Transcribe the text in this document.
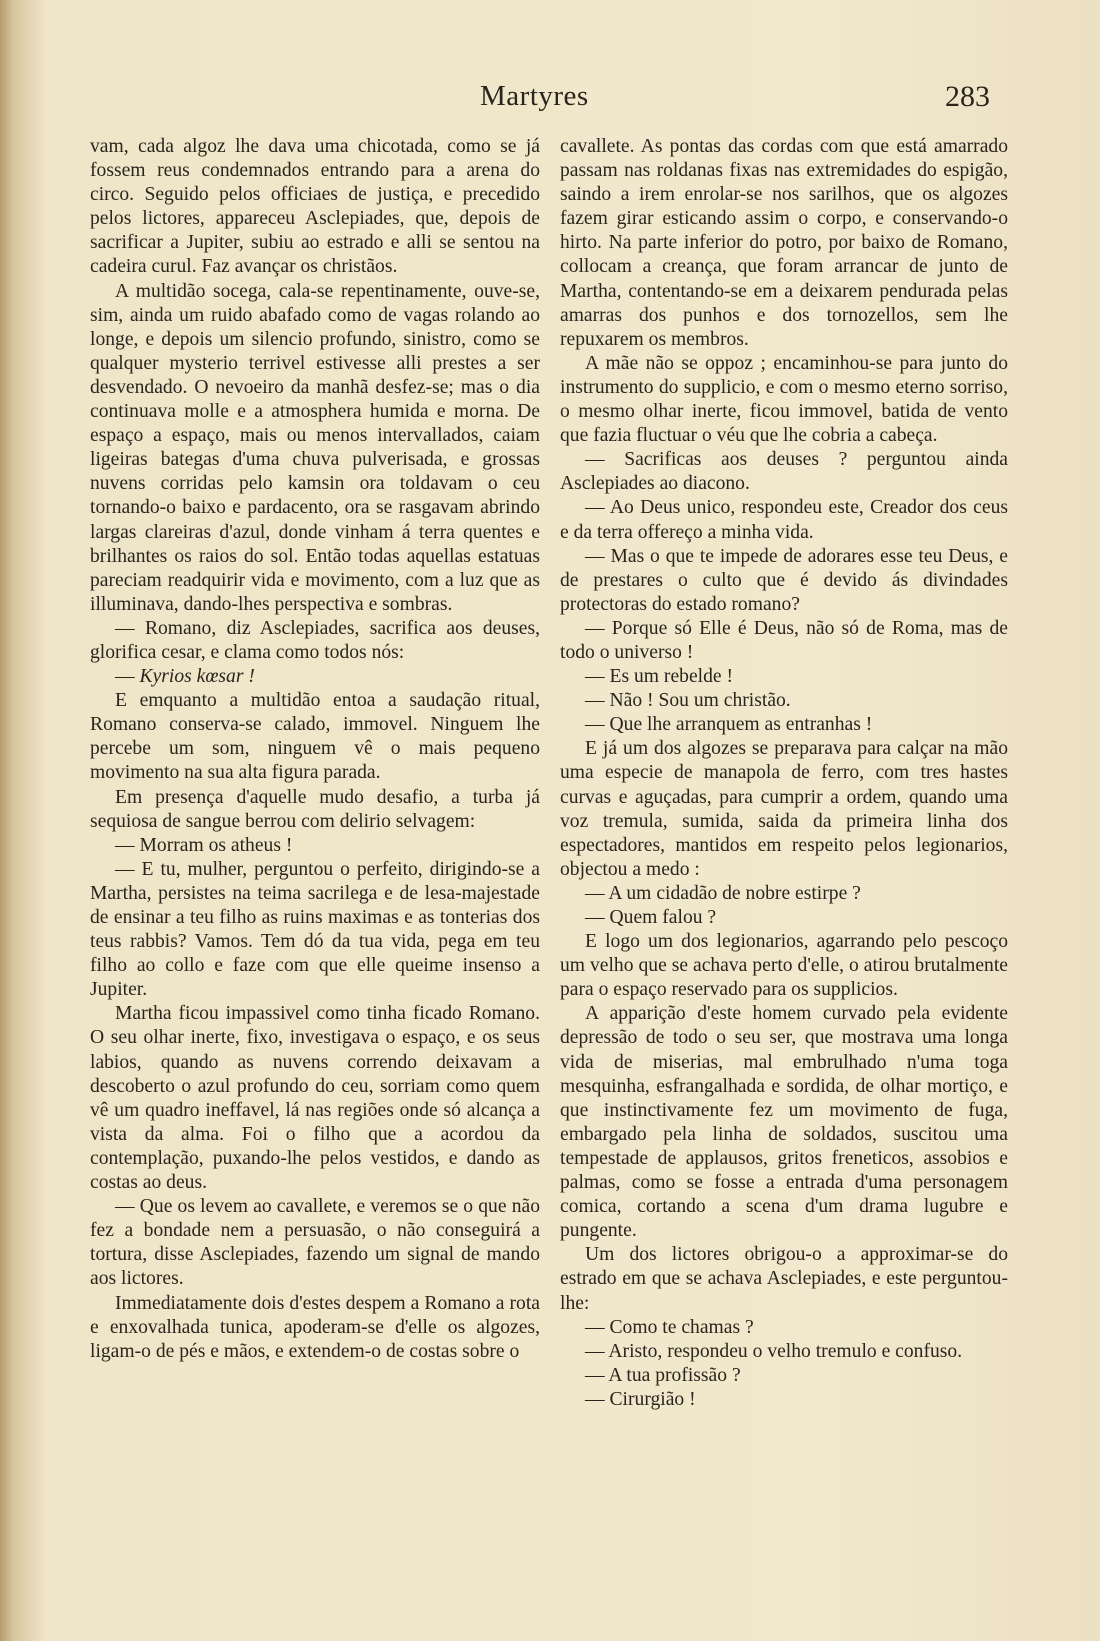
Martyres	283

vam, cada algoz lhe dava uma chicotada, como se já fossem reus condemnados entrando para a arena do circo. Seguido pelos officiaes de justiça, e precedido pelos lictores, appareceu Asclepiades, que, depois de sacrificar a Jupiter, subiu ao estrado e alli se sentou na cadeira curul. Faz avançar os christãos.

A multidão socega, cala-se repentinamente, ouve-se, sim, ainda um ruido abafado como de vagas rolando ao longe, e depois um silencio profundo, sinistro, como se qualquer mysterio terrivel estivesse alli prestes a ser desvendado. O nevoeiro da manhã desfez-se; mas o dia continuava molle e a atmosphera humida e morna. De espaço a espaço, mais ou menos intervallados, caiam ligeiras bategas d'uma chuva pulverisada, e grossas nuvens corridas pelo kamsin ora toldavam o ceu tornando-o baixo e pardacento, ora se rasgavam abrindo largas clareiras d'azul, donde vinham á terra quentes e brilhantes os raios do sol. Então todas aquellas estatuas pareciam readquirir vida e movimento, com a luz que as illuminava, dando-lhes perspectiva e sombras.

— Romano, diz Asclepiades, sacrifica aos deuses, glorifica cesar, e clama como todos nós:

— Kyrios kœsar !

E emquanto a multidão entoa a saudação ritual, Romano conserva-se calado, immovel. Ninguem lhe percebe um som, ninguem vê o mais pequeno movimento na sua alta figura parada.

Em presença d'aquelle mudo desafio, a turba já sequiosa de sangue berrou com delirio selvagem:

— Morram os atheus !

— E tu, mulher, perguntou o perfeito, dirigindo-se a Martha, persistes na teima sacrilega e de lesa-majestade de ensinar a teu filho as ruins maximas e as tonterias dos teus rabbis? Vamos. Tem dó da tua vida, pega em teu filho ao collo e faze com que elle queime insenso a Jupiter.

Martha ficou impassivel como tinha ficado Romano. O seu olhar inerte, fixo, investigava o espaço, e os seus labios, quando as nuvens correndo deixavam a descoberto o azul profundo do ceu, sorriam como quem vê um quadro ineffavel, lá nas regiões onde só alcança a vista da alma. Foi o filho que a acordou da contemplação, puxando-lhe pelos vestidos, e dando as costas ao deus.

— Que os levem ao cavallete, e veremos se o que não fez a bondade nem a persuasão, o não conseguirá a tortura, disse Asclepiades, fazendo um signal de mando aos lictores.

Immediatamente dois d'estes despem a Romano a rota e enxovalhada tunica, apoderam-se d'elle os algozes, ligam-o de pés e mãos, e extendem-o de costas sobre o

cavallete. As pontas das cordas com que está amarrado passam nas roldanas fixas nas extremidades do espigão, saindo a irem enrolar-se nos sarilhos, que os algozes fazem girar esticando assim o corpo, e conservando-o hirto. Na parte inferior do potro, por baixo de Romano, collocam a creança, que foram arrancar de junto de Martha, contentando-se em a deixarem pendurada pelas amarras dos punhos e dos tornozellos, sem lhe repuxarem os membros.

A mãe não se oppoz ; encaminhou-se para junto do instrumento do supplicio, e com o mesmo eterno sorriso, o mesmo olhar inerte, ficou immovel, batida de vento que fazia fluctuar o véu que lhe cobria a cabeça.

— Sacrificas aos deuses ? perguntou ainda Asclepiades ao diacono.

— Ao Deus unico, respondeu este, Creador dos ceus e da terra offereço a minha vida.

— Mas o que te impede de adorares esse teu Deus, e de prestares o culto que é devido ás divindades protectoras do estado romano?

— Porque só Elle é Deus, não só de Roma, mas de todo o universo !

— Es um rebelde !

— Não ! Sou um christão.

— Que lhe arranquem as entranhas !

E já um dos algozes se preparava para calçar na mão uma especie de manapola de ferro, com tres hastes curvas e aguçadas, para cumprir a ordem, quando uma voz tremula, sumida, saida da primeira linha dos espectadores, mantidos em respeito pelos legionarios, objectou a medo :

— A um cidadão de nobre estirpe ?

— Quem falou ?

E logo um dos legionarios, agarrando pelo pescoço um velho que se achava perto d'elle, o atirou brutalmente para o espaço reservado para os supplicios.

A apparição d'este homem curvado pela evidente depressão de todo o seu ser, que mostrava uma longa vida de miserias, mal embrulhado n'uma toga mesquinha, esfrangalhada e sordida, de olhar mortiço, e que instinctivamente fez um movimento de fuga, embargado pela linha de soldados, suscitou uma tempestade de applausos, gritos freneticos, assobios e palmas, como se fosse a entrada d'uma personagem comica, cortando a scena d'um drama lugubre e pungente.

Um dos lictores obrigou-o a approximar-se do estrado em que se achava Asclepiades, e este perguntou-lhe:

— Como te chamas ?

— Aristo, respondeu o velho tremulo e confuso.

— A tua profissão ?

— Cirurgião !
